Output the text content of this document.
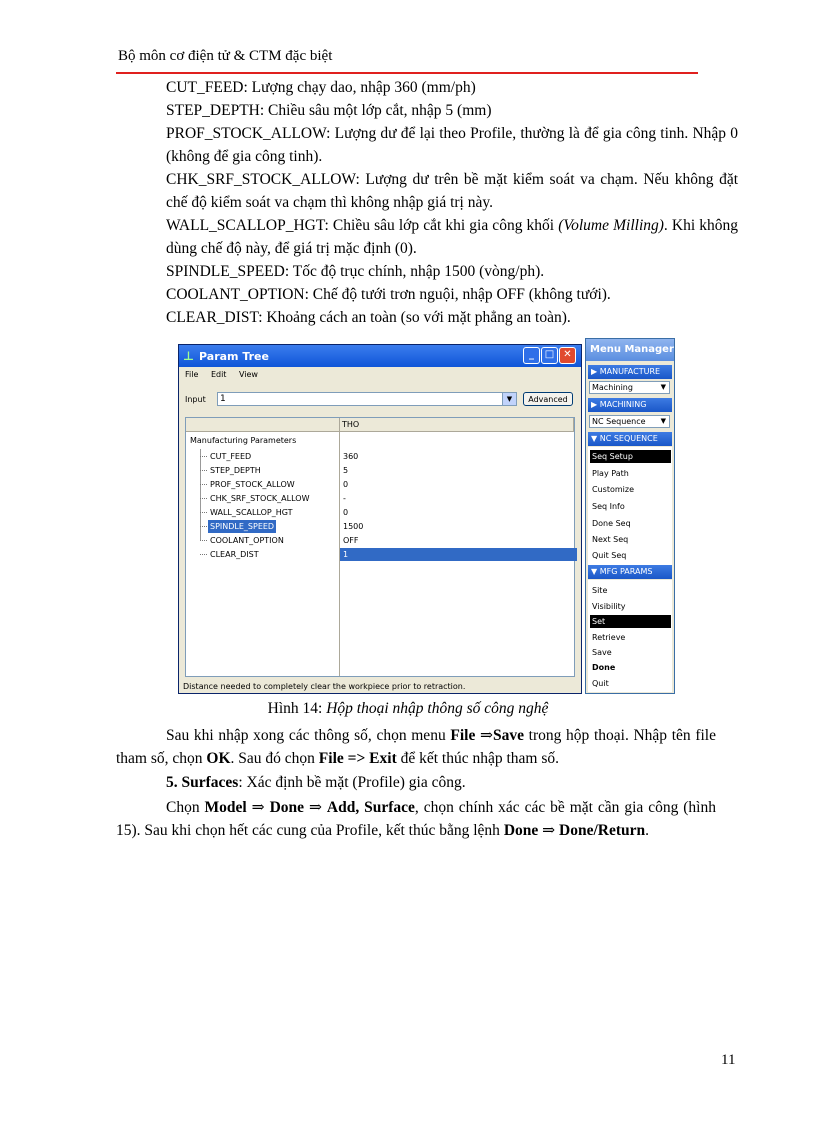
Bộ môn cơ điện tử & CTM đặc biệt
CUT_FEED: Lượng chạy dao, nhập 360 (mm/ph)
STEP_DEPTH: Chiều sâu một lớp cắt, nhập 5 (mm)
PROF_STOCK_ALLOW: Lượng dư để lại theo Profile, thường là để gia công tinh. Nhập 0 (không để gia công tinh).
CHK_SRF_STOCK_ALLOW: Lượng dư trên bề mặt kiểm soát va chạm. Nếu không đặt chế độ kiểm soát va chạm thì không nhập giá trị này.
WALL_SCALLOP_HGT: Chiều sâu lớp cắt khi gia công khối (Volume Milling). Khi không dùng chế độ này, để giá trị mặc định (0).
SPINDLE_SPEED: Tốc độ trục chính, nhập 1500 (vòng/ph).
COOLANT_OPTION: Chế độ tưới trơn nguội, nhập OFF (không tưới).
CLEAR_DIST: Khoảng cách an toàn (so với mặt phẳng an toàn).
⊥ Param Tree	_	□ ✕
File Edit View
Input	1	▼	Advanced
THO
Manufacturing Parameters
CUT_FEED	360
STEP_DEPTH	5
PROF_STOCK_ALLOW	0
CHK_SRF_STOCK_ALLOW	-
WALL_SCALLOP_HGT	0
SPINDLE_SPEED	1500
COOLANT_OPTION	OFF
CLEAR_DIST	1
Distance needed to completely clear the workpiece prior to retraction.
Menu Manager
▶ MANUFACTURE
Machining	▼
▶ MACHINING
NC Sequence ▼
▼ NC SEQUENCE
Seq Setup
Play Path
Customize
Seq Info
Done Seq
Next Seq
Quit Seq
▼ MFG PARAMS
Site
Visibility
Set
Retrieve
Save
Done
Quit
Hình 14: Hộp thoại nhập thông số công nghệ
Sau khi nhập xong các thông số, chọn menu File ⇒Save trong hộp thoại. Nhập tên file tham số, chọn OK. Sau đó chọn File => Exit để kết thúc nhập tham số.
5. Surfaces: Xác định bề mặt (Profile) gia công.
Chọn Model ⇒ Done ⇒ Add, Surface, chọn chính xác các bề mặt cần gia công (hình 15). Sau khi chọn hết các cung của Profile, kết thúc bằng lệnh Done ⇒ Done/Return.
11
